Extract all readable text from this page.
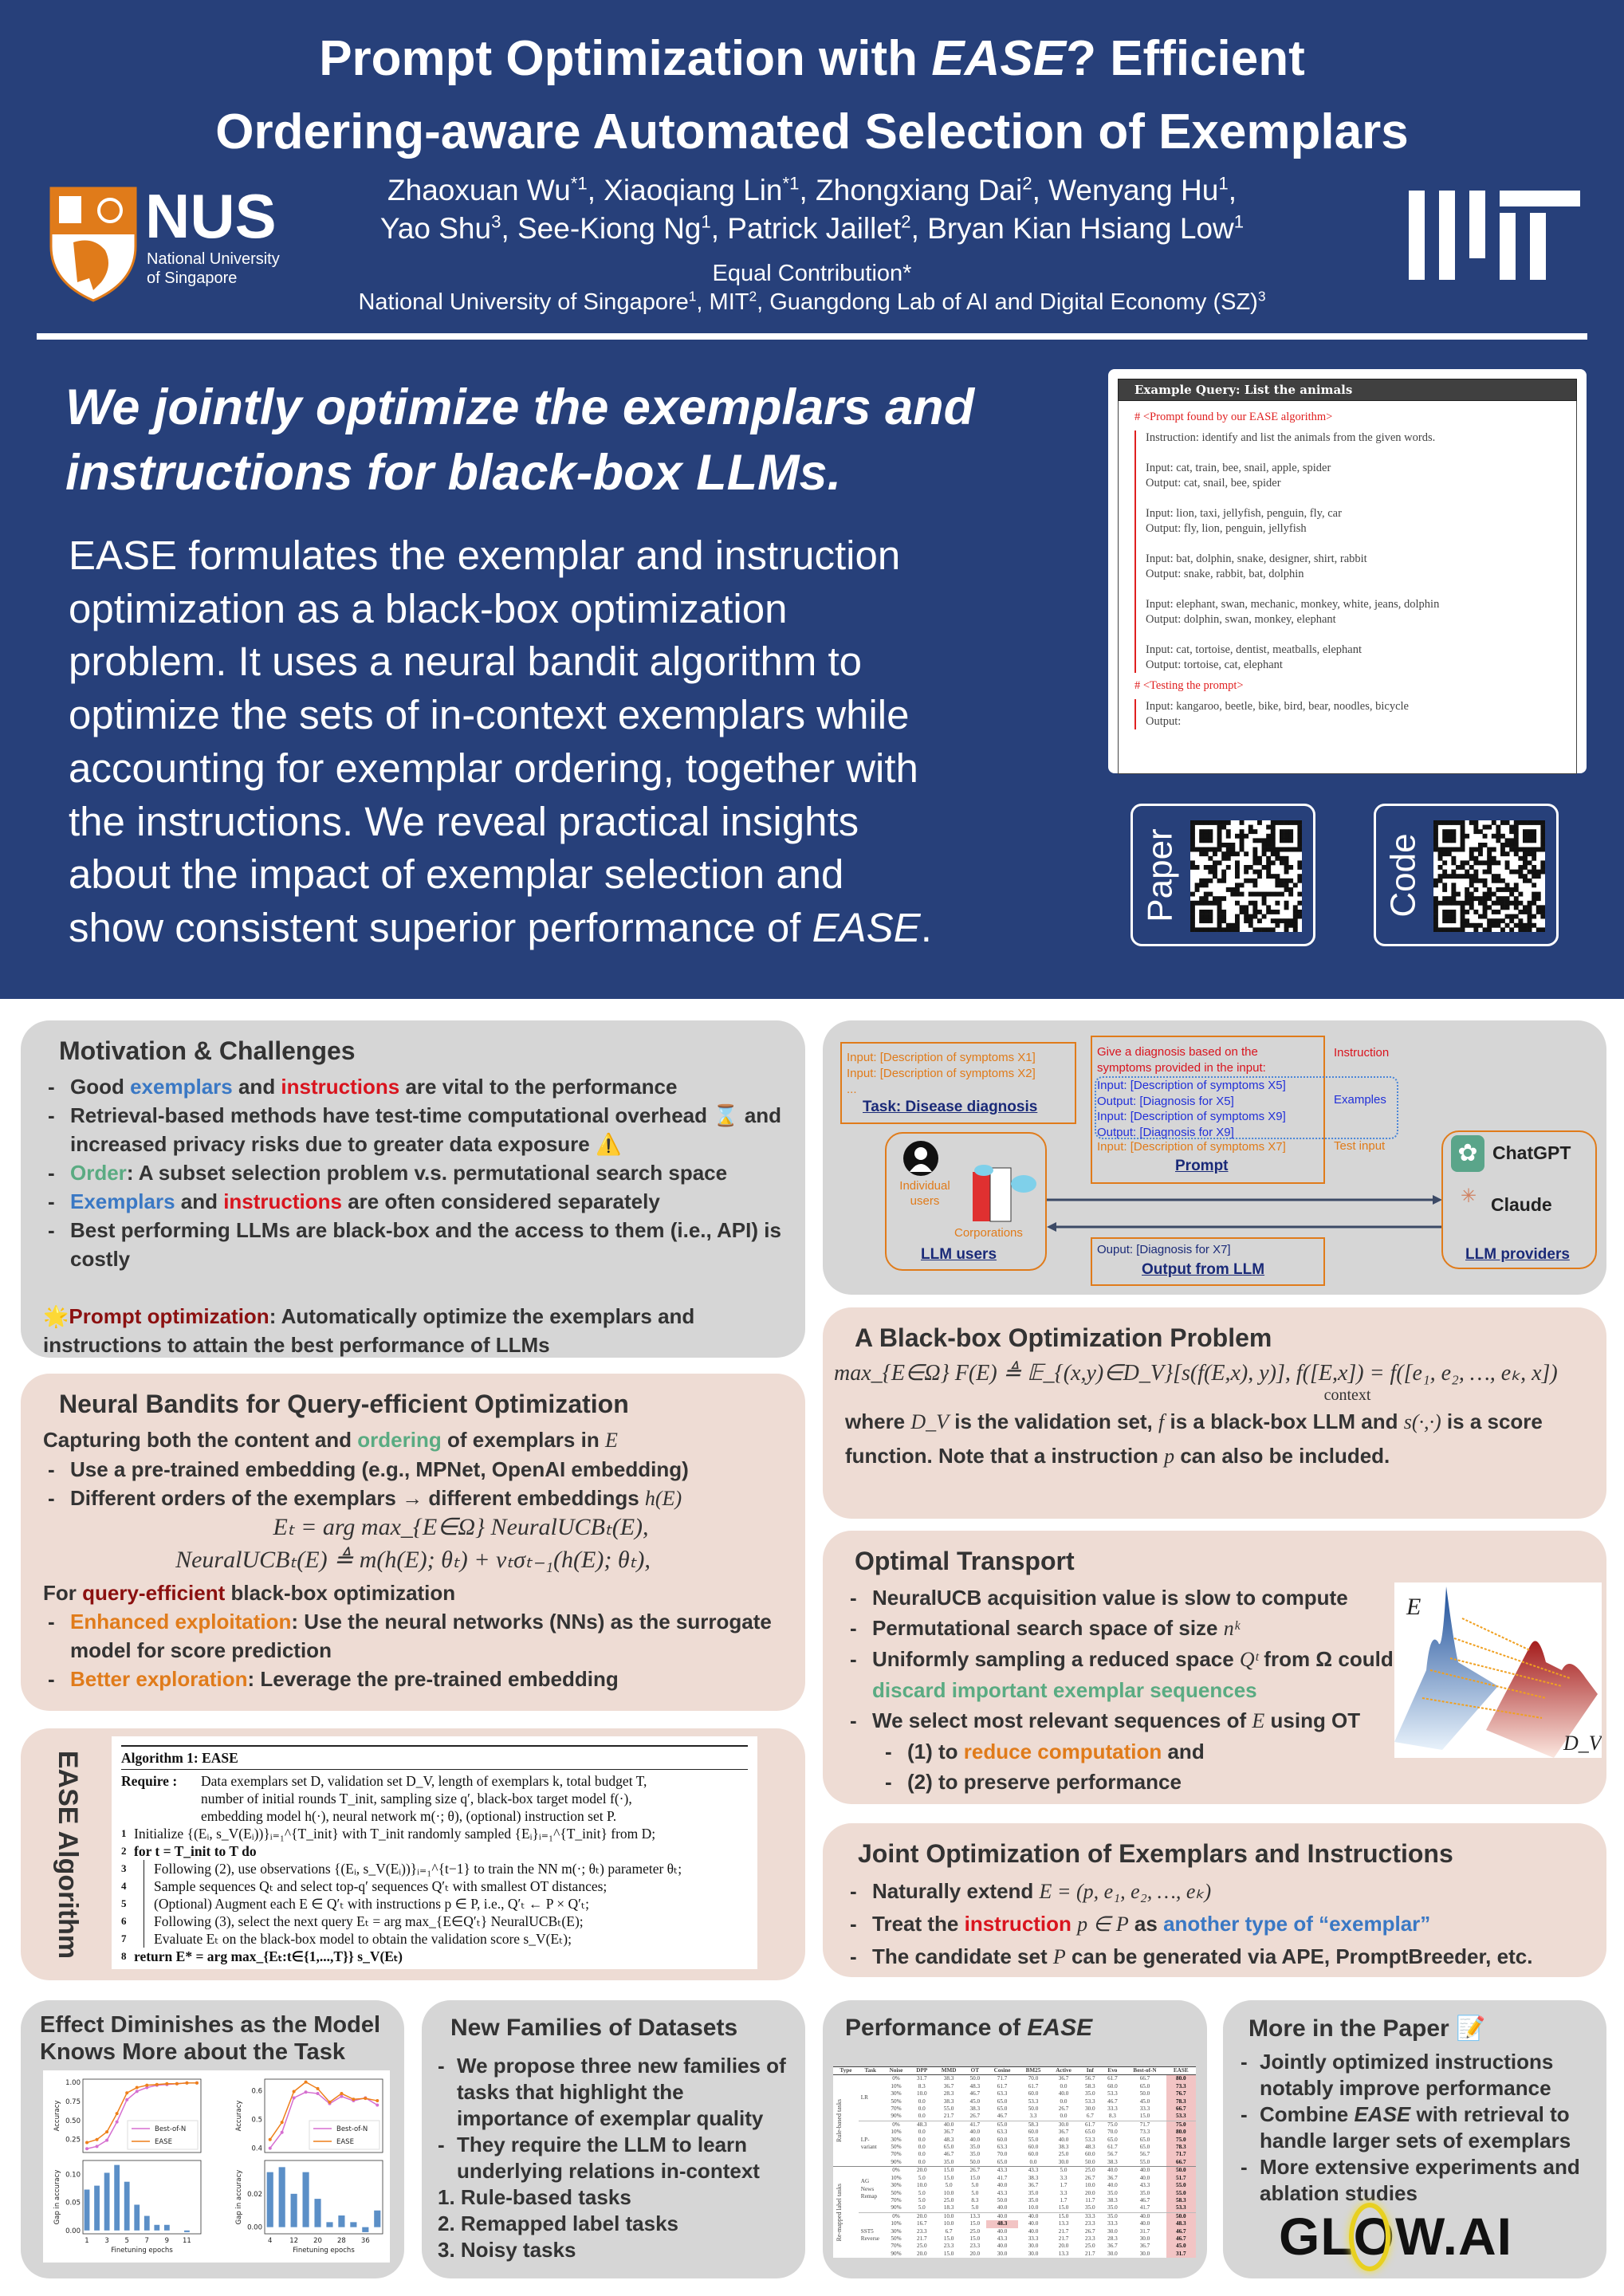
Prompt Optimization with EASE? Efficient
Ordering-aware Automated Selection of Exemplars
NUS
National University
of Singapore
Zhaoxuan Wu$^{*1}$, Xiaoqiang Lin$^{*1}$, Zhongxiang Dai$^2$, Wenyang Hu$^1$,
Yao Shu$^3$, See-Kiong Ng$^1$, Patrick Jaillet$^2$, Bryan Kian Hsiang Low$^1$
Equal Contribution*
National University of Singapore$^1$, MIT$^2$, Guangdong Lab of AI and Digital Economy (SZ)$^3$
We jointly optimize the exemplars and
instructions for black-box LLMs.
EASE formulates the exemplar and instruction
optimization as a black-box optimization
problem. It uses a neural bandit algorithm to
optimize the sets of in-context exemplars while
accounting for exemplar ordering, together with
the instructions. We reveal practical insights
about the impact of exemplar selection and
show consistent superior performance of EASE.
Example Query: List the animals
# <Prompt found by our EASE algorithm>

Instruction: identify and list the animals from the given words.

Input: cat, train, bee, snail, apple, spider

Output: cat, snail, bee, spider

Input: lion, taxi, jellyfish, penguin, fly, car

Output: fly, lion, penguin, jellyfish

Input: bat, dolphin, snake, designer, shirt, rabbit

Output: snake, rabbit, bat, dolphin

Input: elephant, swan, mechanic, monkey, white, jeans, dolphin

Output: dolphin, swan, monkey, elephant

Input: cat, tortoise, dentist, meatballs, elephant

Output: tortoise, cat, elephant

# <Testing the prompt>

Input: kangaroo, beetle, bike, bird, bear, noodles, bicycle

Output:

Paper	Code
Motivation & Challenges
- Good exemplars and instructions are vital to the performance
- Retrieval-based methods have test-time computational overhead ⌛ and increased privacy risks due to greater data exposure ⚠️
- Order: A subset selection problem v.s. permutational search space
- Exemplars and instructions are often considered separately
- Best performing LLMs are black-box and the access to them (i.e., API) is costly
🌟Prompt optimization: Automatically optimize the exemplars and instructions to attain the best performance of LLMs
Neural Bandits for Query-efficient Optimization
Capturing both the content and ordering of exemplars in E
- Use a pre-trained embedding (e.g., MPNet, OpenAI embedding)
- Different orders of the exemplars → different embeddings h(E)
Eₜ = arg max_{E∈Ω} NeuralUCBₜ(E),
NeuralUCBₜ(E) ≜ m(h(E); θₜ) + νₜσₜ₋₁(h(E); θₜ),
For query-efficient black-box optimization
- Enhanced exploitation: Use the neural networks (NNs) as the surrogate model for score prediction
- Better exploration: Leverage the pre-trained embedding
EASE Algorithm	Algorithm 1: EASE
Require :	Data exemplars set D, validation set D_V, length of exemplars k, total budget T,
number of initial rounds T_init, sampling size q′, black-box target model f(·),
embedding model h(·), neural network m(·; θ), (optional) instruction set P.
1 Initialize {(Eᵢ, s_V(Eᵢ))}ᵢ₌₁^{T_init} with T_init randomly sampled {Eᵢ}ᵢ₌₁^{T_init} from D;
2 for t = T_init to T do
3	Following (2), use observations {(Eᵢ, s_V(Eᵢ))}ᵢ₌₁^{t−1} to train the NN m(·; θₜ) parameter θₜ;
4	Sample sequences Qₜ and select top-q′ sequences Q′ₜ with smallest OT distances;
5	(Optional) Augment each E ∈ Q′ₜ with instructions p ∈ P, i.e., Q′ₜ ← P × Q′ₜ;
6	Following (3), select the next query Eₜ = arg max_{E∈Q′ₜ} NeuralUCBₜ(E);
7	Evaluate Eₜ on the black-box model to obtain the validation score s_V(Eₜ);
8 return E* = arg max_{Eₜ:t∈{1,...,T}} s_V(Eₜ)
Input: [Description of symptoms X1]
Input: [Description of symptoms X2]
...
Task: Disease diagnosis
Give a diagnosis based on the symptoms provided in the input:
Input: [Description of symptoms X5]
Output: [Diagnosis for X5]
Input: [Description of symptoms X9]
Output: [Diagnosis for X9]
Input: [Description of symptoms X7]
Prompt
Instruction
Examples
Test input
Individual users
Corporations
LLM users	Ouput: [Diagnosis for X7]
Output from LLM
✿ ChatGPT
✳ Claude
LLM providers
A Black-box Optimization Problem
max_{E∈Ω} F(E) ≜ 𝔼_{(x,y)∈D_V}[s(f(E,x), y)], f([E,x]) = f([e₁, e₂, …, eₖ, x])
context
where D_V is the validation set, f is a black-box LLM and s(·,·) is a score function. Note that a instruction p can also be included.
Optimal Transport
- NeuralUCB acquisition value is slow to compute
- Permutational search space of size nᵏ
- Uniformly sampling a reduced space Qᵗ from Ω could discard important exemplar sequences
- We select most relevant sequences of E using OT
- (1) to reduce computation and
- (2) to preserve performance
E
D_V
Joint Optimization of Exemplars and Instructions
- Naturally extend E = (p, e₁, e₂, …, eₖ)
- Treat the instruction p ∈ P as another type of “exemplar”
- The candidate set P can be generated via APE, PromptBreeder, etc.
Effect Diminishes as the Model Knows More about the Task
0.25
0.50
0.75
1.00
Accuracy	Best-of-N
EASE
0.00
0.05
0.10
Gap in accuracy
1 3 5 7 9 11
Finetuning epochs
0.4
0.5
0.6
Accuracy	Best-of-N
EASE
0.00
0.02
Gap in accuracy
4	12 20 28 36
Finetuning epochs
New Families of Datasets
- We propose three new families of tasks that highlight the importance of exemplar quality
- They require the LLM to learn underlying relations in-context
1. Rule-based tasks
2. Remapped label tasks
3. Noisy tasks
Performance of EASE
Type	Task	Noise	DPP	MMD	OT	Cosine	BM25	Active	Inf	Evo	Best-of-N	EASE

Rule-based tasks	LR	0%	31.7	38.3	50.0	71.7	70.0	36.7	56.7	61.7	66.7	80.0
		10%	8.3	36.7	48.3	61.7	61.7	0.0	58.3	60.0	65.0	73.3
		30%	10.0	28.3	46.7	63.3	60.0	40.0	35.0	53.3	50.0	76.7
		50%	0.0	38.3	45.0	65.0	53.3	0.0	53.3	46.7	45.0	78.3
		70%	0.0	55.0	38.3	65.0	50.0	26.7	30.0	33.3	33.3	66.7
		90%	0.0	21.7	26.7	46.7	3.3	0.0	6.7	8.3	15.0	53.3
	LP-variant	0%	48.3	40.0	41.7	65.0	58.3	30.0	61.7	75.0	71.7	75.0
		10%	0.0	36.7	40.0	63.3	60.0	36.7	65.0	70.0	73.3	80.0
		30%	0.0	48.3	40.0	60.0	55.0	40.0	53.3	65.0	65.0	75.0
		50%	0.0	65.0	35.0	63.3	60.0	38.3	48.3	61.7	65.0	78.3
		70%	0.0	46.7	35.0	70.0	60.0	25.0	60.0	56.7	56.7	71.7
		90%	0.0	35.0	50.0	65.0	0.0	30.0	50.0	38.3	55.0	66.7

Re-mapped label tasks	AG News Remap	0%	20.0	15.0	26.7	43.3	43.3	5.0	25.0	40.0	40.0	50.0
		10%	5.0	15.0	15.0	41.7	38.3	3.3	26.7	36.7	40.0	51.7
		30%	10.0	5.0	5.0	40.0	36.7	1.7	10.0	40.0	43.3	55.0
		50%	5.0	10.0	5.0	43.3	35.0	3.3	20.0	35.0	35.0	55.0
		70%	5.0	25.0	8.3	50.0	35.0	1.7	11.7	38.3	46.7	58.3
		90%	5.0	18.3	5.0	40.0	10.0	15.0	35.0	35.0	41.7	53.3
	SST5 Reverse	0%	20.0	10.0	13.3	40.0	40.0	15.0	33.3	35.0	40.0	50.0
		10%	16.7	10.0	15.0	48.3	40.0	13.3	23.3	33.3	40.0	48.3
		30%	23.3	6.7	25.0	40.0	40.0	21.7	26.7	30.0	31.7	46.7
		50%	21.7	15.0	15.0	43.3	33.3	21.7	23.3	28.3	30.0	46.7
		70%	25.0	23.3	23.3	40.0	30.0	20.0	25.0	36.7	36.7	45.0
		90%	20.0	15.0	20.0	30.0	30.0	13.3	21.7	30.0	30.0	31.7
More in the Paper 📝
- Jointly optimized instructions notably improve performance
- Combine EASE with retrieval to handle larger sets of exemplars
- More extensive experiments and ablation studies
GLOW.AI
